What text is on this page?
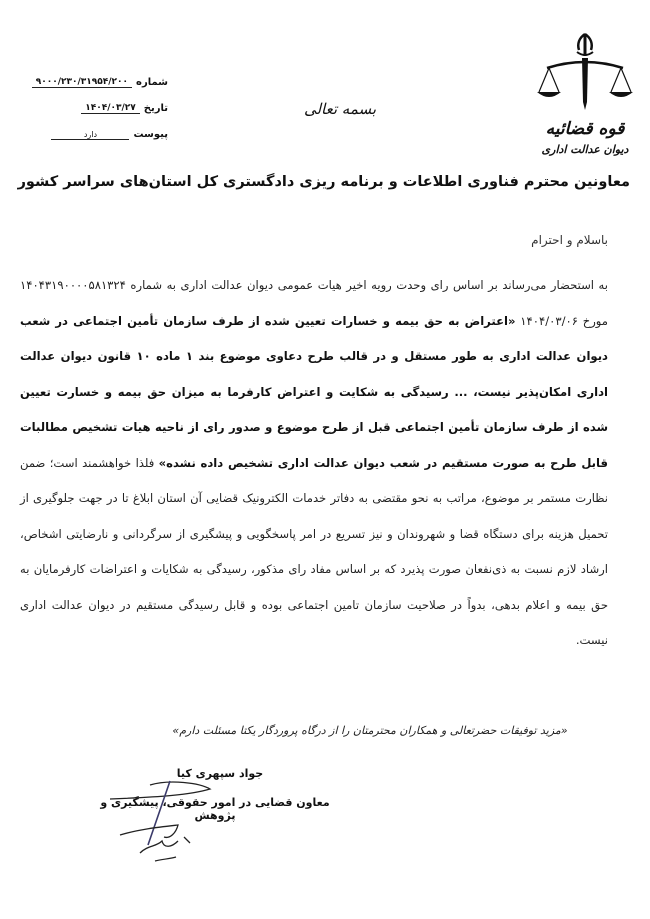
قوه قضائیه
دیوان عدالت اداری
بسمه تعالی
شماره
۹۰۰۰/۲۳۰/۳۱۹۵۴/۲۰۰
تاریخ
۱۴۰۴/۰۳/۲۷
پیوست
دارد
معاونین محترم فناوری اطلاعات و برنامه ریزی دادگستری کل استان‌های سراسر کشور
باسلام و احترام
به استحضار می‌رساند بر اساس رای وحدت رویه اخیر هیات عمومی دیوان عدالت اداری به شماره ۱۴۰۴۳۱۹۰۰۰۰۵۸۱۳۲۴ مورخ ۱۴۰۴/۰۳/۰۶ «اعتراض به حق بیمه و خسارات تعیین شده از طرف سازمان تأمین اجتماعی در شعب دیوان عدالت اداری به طور مستقل و در قالب طرح دعاوی موضوع بند ۱ ماده ۱۰ قانون دیوان عدالت اداری امکان‌پذیر نیست، ... رسیدگی به شکایت و اعتراض کارفرما به میزان حق بیمه و خسارت تعیین شده از طرف سازمان تأمین اجتماعی قبل از طرح موضوع و صدور رای از ناحیه هیات تشخیص مطالبات قابل طرح به صورت مستقیم در شعب دیوان عدالت اداری تشخیص داده نشده» فلذا خواهشمند است؛ ضمن نظارت مستمر بر موضوع، مراتب به نحو مقتضی به دفاتر خدمات الکترونیک قضایی آن استان ابلاغ تا در جهت جلوگیری از تحمیل هزینه برای دستگاه قضا و شهروندان و نیز تسریع در امر پاسخگویی و پیشگیری از سرگردانی و نارضایتی اشخاص، ارشاد لازم نسبت به ذی‌نفعان صورت پذیرد که بر اساس مفاد رای مذکور، رسیدگی به شکایات و اعتراضات کارفرمایان به حق بیمه و اعلام بدهی، بدواً در صلاحیت سازمان تامین اجتماعی بوده و قابل رسیدگی مستقیم در دیوان عدالت اداری نیست.
«مزید توفیقات حضرتعالی و همکاران محترمتان را از درگاه پروردگار یکتا مسئلت دارم»
جواد سپهری کیا
معاون قضایی در امور حقوقی، پیشگیری و پژوهش
